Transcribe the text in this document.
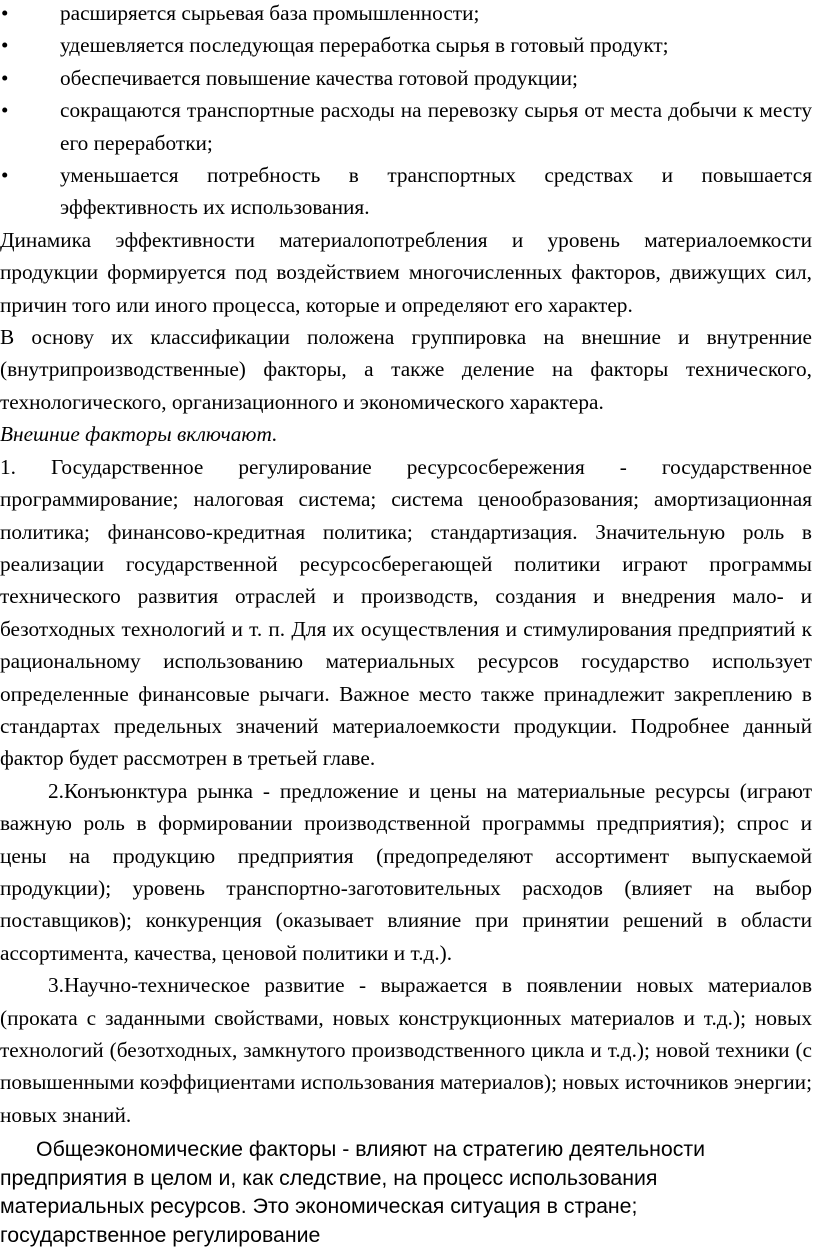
• расширяется сырьевая база промышленности;
• удешевляется последующая переработка сырья в готовый продукт;
• обеспечивается повышение качества готовой продукции;
• сокращаются транспортные расходы на перевозку сырья от места добычи к месту его переработки;
• уменьшается потребность в транспортных средствах и повышается эффективность их использования.

Динамика эффективности материалопотребления и уровень материалоемкости продукции формируется под воздействием многочисленных факторов, движущих сил, причин того или иного процесса, которые и определяют его характер.

В основу их классификации положена группировка на внешние и внутренние (внутрипроизводственные) факторы, а также деление на факторы технического, технологического, организационного и экономического характера.

Внешние факторы включают.

1. Государственное регулирование ресурсосбережения - государственное программирование; налоговая система; система ценообразования; амортизационная политика; финансово-кредитная политика; стандартизация. Значительную роль в реализации государственной ресурсосберегающей политики играют программы технического развития отраслей и производств, создания и внедрения мало- и безотходных технологий и т. п. Для их осуществления и стимулирования предприятий к рациональному использованию материальных ресурсов государство использует определенные финансовые рычаги. Важное место также принадлежит закреплению в стандартах предельных значений материалоемкости продукции. Подробнее данный фактор будет рассмотрен в третьей главе.

2.Конъюнктура рынка - предложение и цены на материальные ресурсы (играют важную роль в формировании производственной программы предприятия); спрос и цены на продукцию предприятия (предопределяют ассортимент выпускаемой продукции); уровень транспортно-заготовительных расходов (влияет на выбор поставщиков); конкуренция (оказывает влияние при принятии решений в области ассортимента, качества, ценовой политики и т.д.).

3.Научно-техническое развитие - выражается в появлении новых материалов (проката с заданными свойствами, новых конструкционных материалов и т.д.); новых технологий (безотходных, замкнутого производственного цикла и т.д.); новой техники (с повышенными коэффициентами использования материалов); новых источников энергии; новых знаний.

Общеэкономические факторы - влияют на стратегию деятельности предприятия в целом и, как следствие, на процесс использования материальных ресурсов. Это экономическая ситуация в стране; государственное регулирование
